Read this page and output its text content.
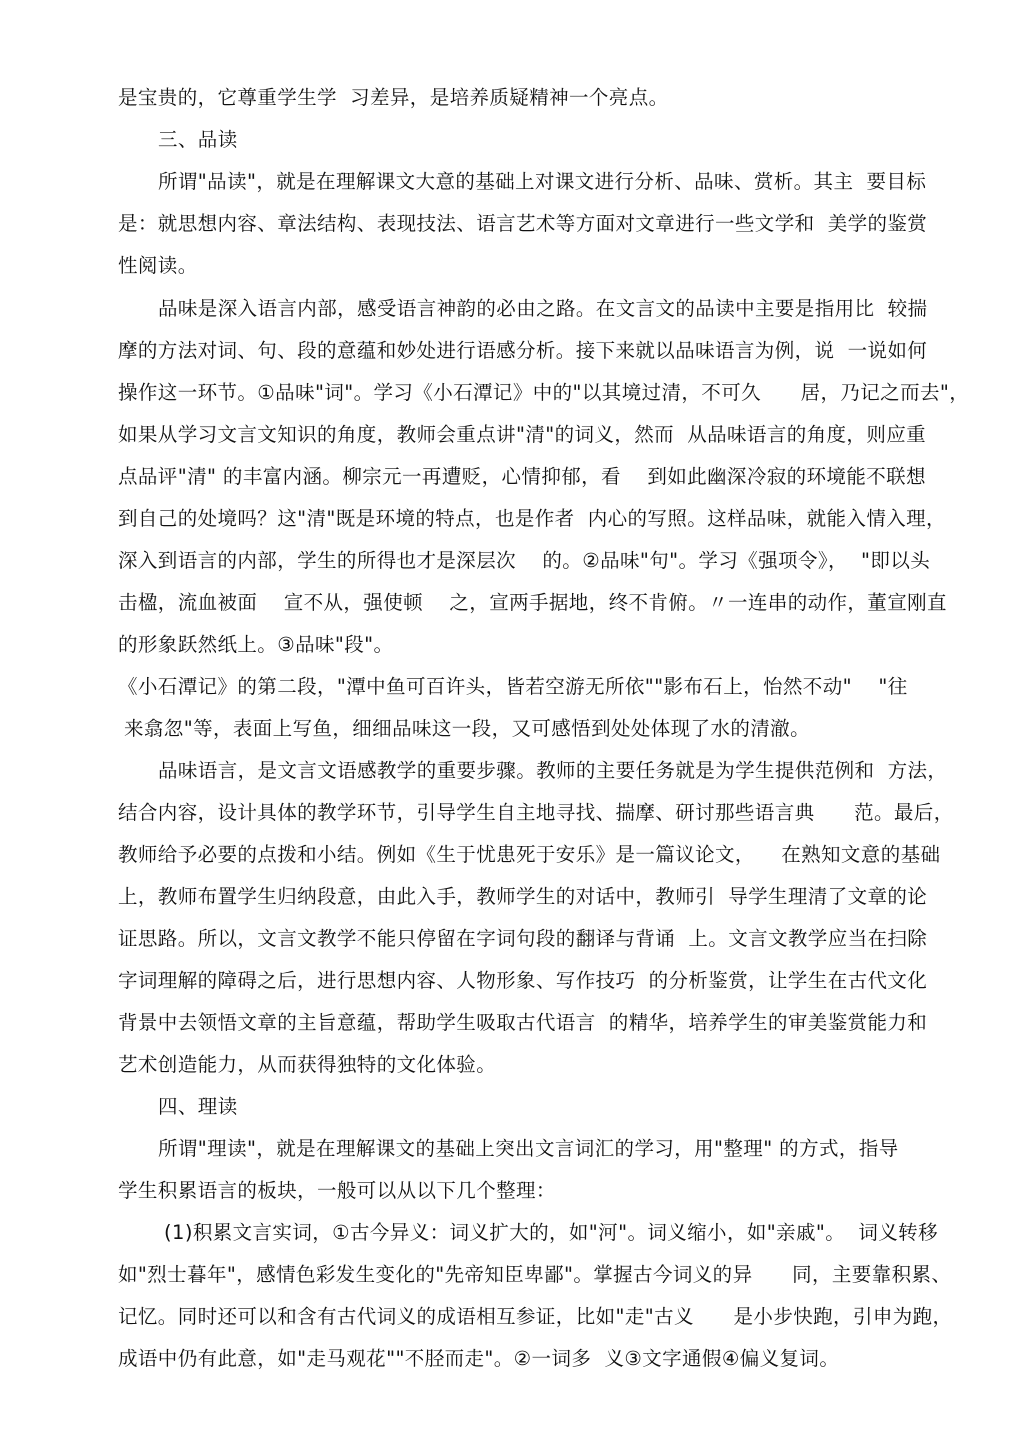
是宝贵的，它尊重学生学  习差异，是培养质疑精神一个亮点。
三、品读
所谓"品读"，就是在理解课文大意的基础上对课文进行分析、品味、赏析。其主  要目标
是：就思想内容、章法结构、表现技法、语言艺术等方面对文章进行一些文学和  美学的鉴赏
性阅读。
品味是深入语言内部，感受语言神韵的必由之路。在文言文的品读中主要是指用比  较揣
摩的方法对词、句、段的意蕴和妙处进行语感分析。接下来就以品味语言为例，说  一说如何
操作这一环节。①品味"词"。学习《小石潭记》中的"以其境过清，不可久      居，乃记之而去"，
如果从学习文言文知识的角度，教师会重点讲"清"的词义，然而  从品味语言的角度，则应重
点品评"清" 的丰富内涵。柳宗元一再遭贬，心情抑郁，看    到如此幽深冷寂的环境能不联想
到自己的处境吗？这"清"既是环境的特点，也是作者  内心的写照。这样品味，就能入情入理，
深入到语言的内部，学生的所得也才是深层次    的。②品味"句"。学习《强项令》，  "即以头
击楹，流血被面    宣不从，强使顿    之，宣两手据地，终不肯俯。〃一连串的动作，董宣刚直
的形象跃然纸上。③品味"段"。
《小石潭记》的第二段，"潭中鱼可百许头，皆若空游无所依""影布石上，怡然不动"    "往
来翕忽"等，表面上写鱼，细细品味这一段，又可感悟到处处体现了水的清澈。
品味语言，是文言文语感教学的重要步骤。教师的主要任务就是为学生提供范例和  方法，
结合内容，设计具体的教学环节，引导学生自主地寻找、揣摩、研讨那些语言典      范。最后，
教师给予必要的点拨和小结。例如《生于忧患死于安乐》是一篇议论文，    在熟知文意的基础
上，教师布置学生归纳段意，由此入手，教师学生的对话中，教师引  导学生理清了文章的论
证思路。所以，文言文教学不能只停留在字词句段的翻译与背诵  上。文言文教学应当在扫除
字词理解的障碍之后，进行思想内容、人物形象、写作技巧  的分析鉴赏，让学生在古代文化
背景中去领悟文章的主旨意蕴，帮助学生吸取古代语言  的精华，培养学生的审美鉴赏能力和
艺术创造能力，从而获得独特的文化体验。
四、理读
所谓"理读"，就是在理解课文的基础上突出文言词汇的学习，用"整理" 的方式，指导
学生积累语言的板块，一般可以从以下几个整理：
(1)积累文言实词，①古今异义：词义扩大的，如"河"。词义缩小，如"亲戚"。  词义转移
如"烈士暮年"，感情色彩发生变化的"先帝知臣卑鄙"。掌握古今词义的异      同，主要靠积累、
记忆。同时还可以和含有古代词义的成语相互参证，比如"走"古义      是小步快跑，引申为跑，
成语中仍有此意，如"走马观花""不胫而走"。②一词多  义③文字通假④偏义复词。
